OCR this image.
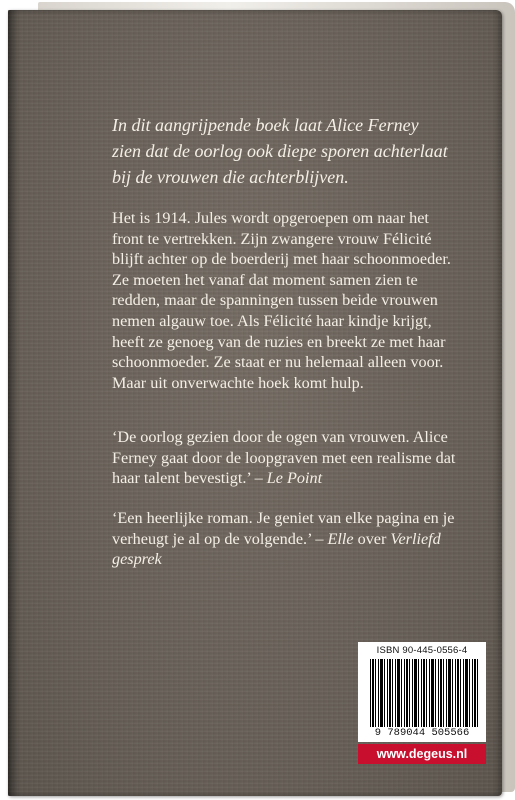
In dit aangrijpende boek laat Alice Ferney zien dat de oorlog ook diepe sporen achterlaat bij de vrouwen die achterblijven.

Het is 1914. Jules wordt opgeroepen om naar het front te vertrekken. Zijn zwangere vrouw Félicité blijft achter op de boerderij met haar schoonmoeder.

Ze moeten het vanaf dat moment samen zien te redden, maar de spanningen tussen beide vrouwen nemen algauw toe. Als Félicité haar kindje krijgt, heeft ze genoeg van de ruzies en breekt ze met haar schoonmoeder. Ze staat er nu helemaal alleen voor. Maar uit onverwachte hoek komt hulp.

‘De oorlog gezien door de ogen van vrouwen. Alice Ferney gaat door de loopgraven met een realisme dat haar talent bevestigt.’ – Le Point

‘Een heerlijke roman. Je geniet van elke pagina en je verheugt je al op de volgende.’ – Elle over Verliefd gesprek

ISBN 90-445-0556-4
9 789044 505566
www.degeus.nl
